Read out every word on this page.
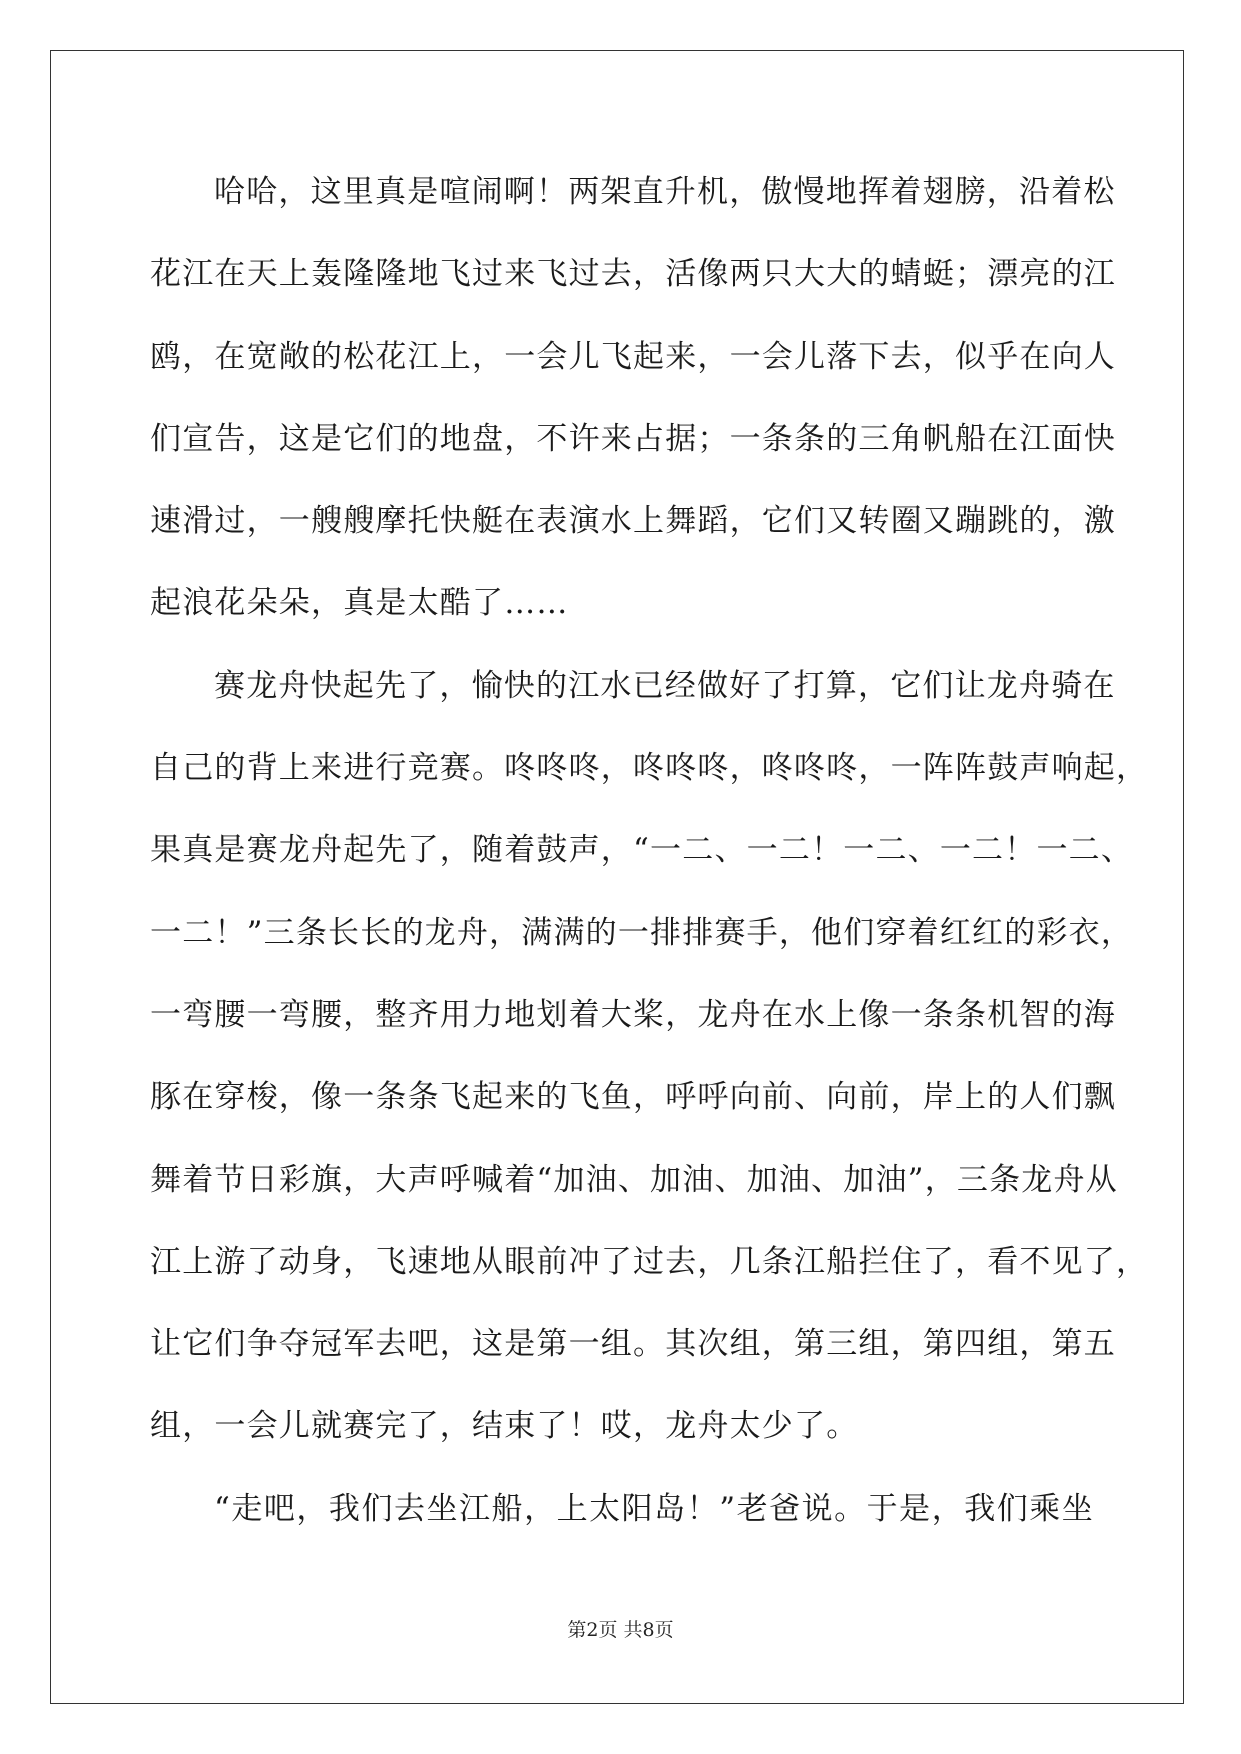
哈哈，这里真是喧闹啊！两架直升机，傲慢地挥着翅膀，沿着松
花江在天上轰隆隆地飞过来飞过去，活像两只大大的蜻蜓；漂亮的江
鸥，在宽敞的松花江上，一会儿飞起来，一会儿落下去，似乎在向人
们宣告，这是它们的地盘，不许来占据；一条条的三角帆船在江面快
速滑过，一艘艘摩托快艇在表演水上舞蹈，它们又转圈又蹦跳的，激
起浪花朵朵，真是太酷了……
赛龙舟快起先了，愉快的江水已经做好了打算，它们让龙舟骑在
自己的背上来进行竞赛。咚咚咚，咚咚咚，咚咚咚，一阵阵鼓声响起，
果真是赛龙舟起先了，随着鼓声，“一二、一二！一二、一二！一二、
一二！”三条长长的龙舟，满满的一排排赛手，他们穿着红红的彩衣，
一弯腰一弯腰，整齐用力地划着大桨，龙舟在水上像一条条机智的海
豚在穿梭，像一条条飞起来的飞鱼，呼呼向前、向前，岸上的人们飘
舞着节日彩旗，大声呼喊着“加油、加油、加油、加油”，三条龙舟从
江上游了动身，飞速地从眼前冲了过去，几条江船拦住了，看不见了，
让它们争夺冠军去吧，这是第一组。其次组，第三组，第四组，第五
组，一会儿就赛完了，结束了！哎，龙舟太少了。
“走吧，我们去坐江船，上太阳岛！”老爸说。于是，我们乘坐
第2页 共8页
